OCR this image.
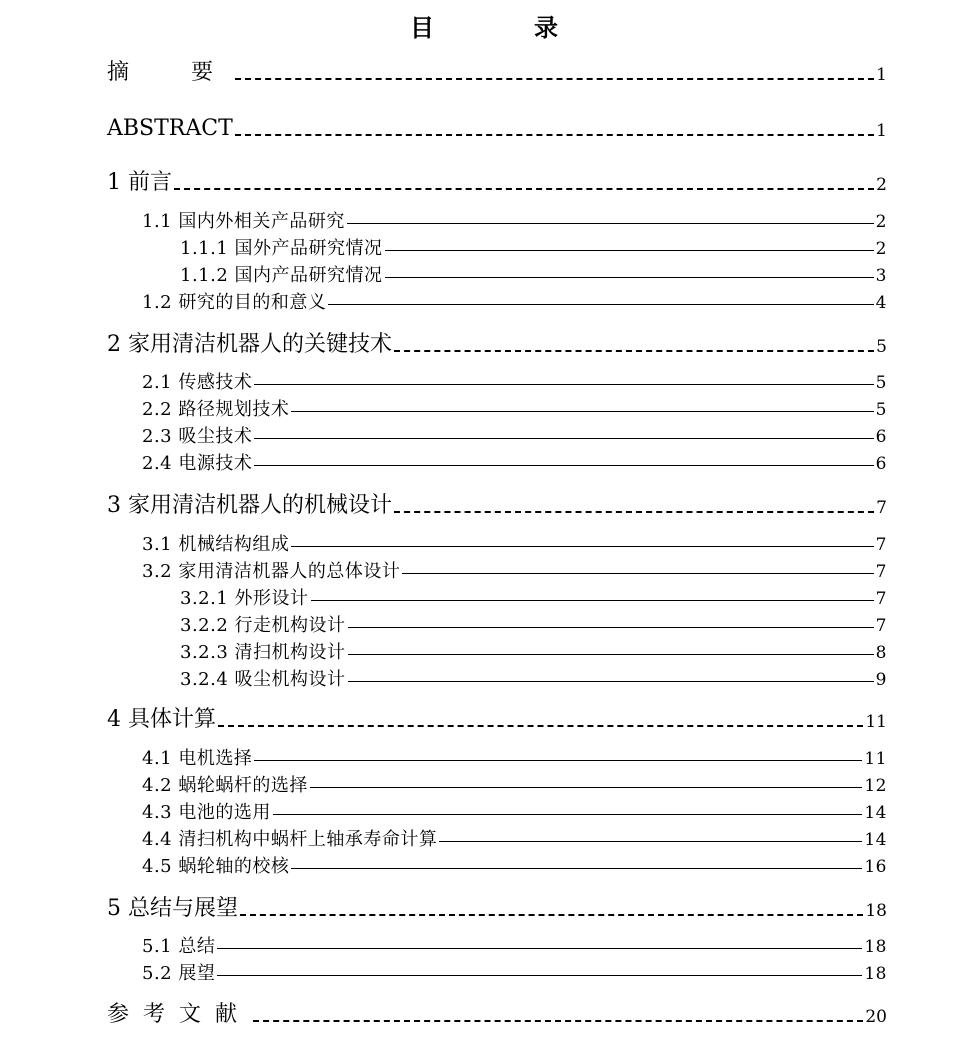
目　录
摘　要	1
ABSTRACT	1
1 前言	2
1.1 国内外相关产品研究	2
1.1.1 国外产品研究情况	2
1.1.2 国内产品研究情况	3
1.2 研究的目的和意义	4
2 家用清洁机器人的关键技术	5
2.1 传感技术	5
2.2 路径规划技术	5
2.3 吸尘技术	6
2.4 电源技术	6
3 家用清洁机器人的机械设计	7
3.1 机械结构组成	7
3.2 家用清洁机器人的总体设计	7
3.2.1 外形设计	7
3.2.2 行走机构设计	7
3.2.3 清扫机构设计	8
3.2.4 吸尘机构设计	9
4 具体计算	11
4.1 电机选择	11
4.2 蜗轮蜗杆的选择	12
4.3 电池的选用	14
4.4 清扫机构中蜗杆上轴承寿命计算	14
4.5 蜗轮轴的校核	16
5 总结与展望	18
5.1 总结	18
5.2 展望	18
参考文献	20
